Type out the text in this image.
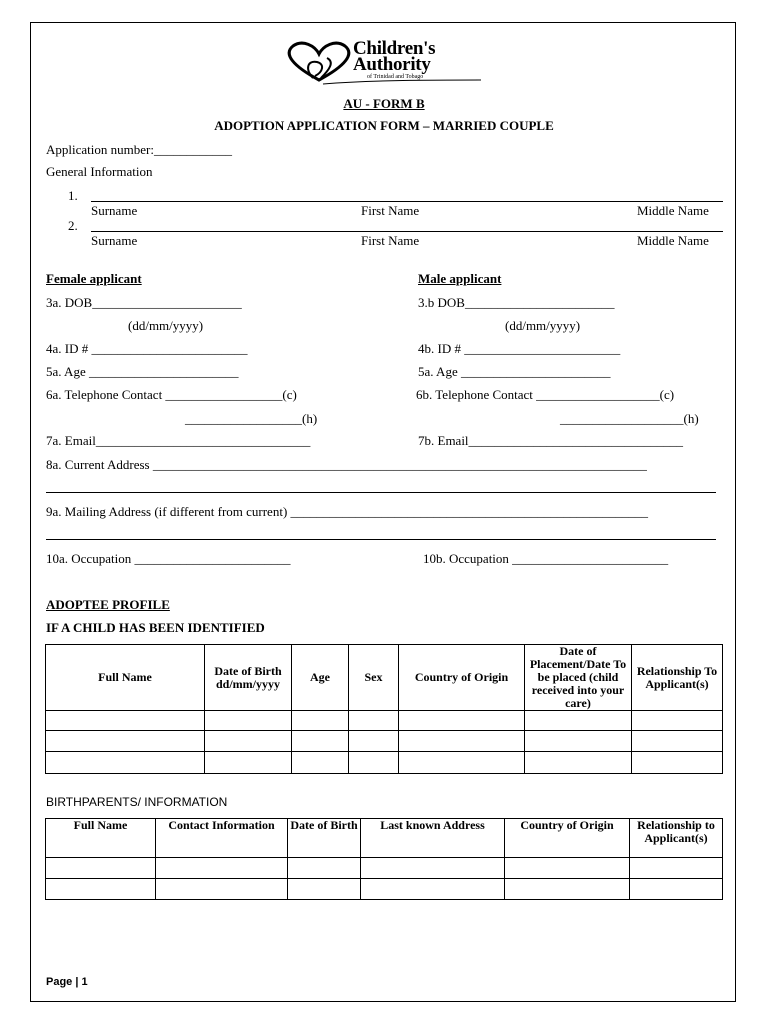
Children's
Authority
of Trinidad and Tobago
AU - FORM B
ADOPTION APPLICATION FORM – MARRIED COUPLE
Application number:____________
General Information
1.
Surname	First Name	Middle Name
2.
Surname	First Name	Middle Name
Female applicant	Male applicant
3a. DOB_______________________	3.b DOB_______________________
(dd/mm/yyyy)	(dd/mm/yyyy)
4a. ID # ________________________	4b. ID # ________________________
5a. Age _______________________	5a. Age _______________________
6a. Telephone Contact __________________(c)	6b. Telephone Contact ___________________(c)
__________________(h)	___________________(h)
7a. Email_________________________________	7b. Email_________________________________
8a. Current Address ____________________________________________________________________________
9a. Mailing Address (if different from current) _______________________________________________________
10a. Occupation ________________________	10b. Occupation ________________________
ADOPTEE PROFILE
IF A CHILD HAS BEEN IDENTIFIED
Full Name	Date of Birth dd/mm/yyyy	Age	Sex	Country of Origin	Date of Placement/Date To be placed (child received into your care)	Relationship To Applicant(s)

BIRTHPARENTS/ INFORMATION
Full Name	Contact Information	Date of Birth	Last known Address	Country of Origin	Relationship to Applicant(s)

Page | 1
